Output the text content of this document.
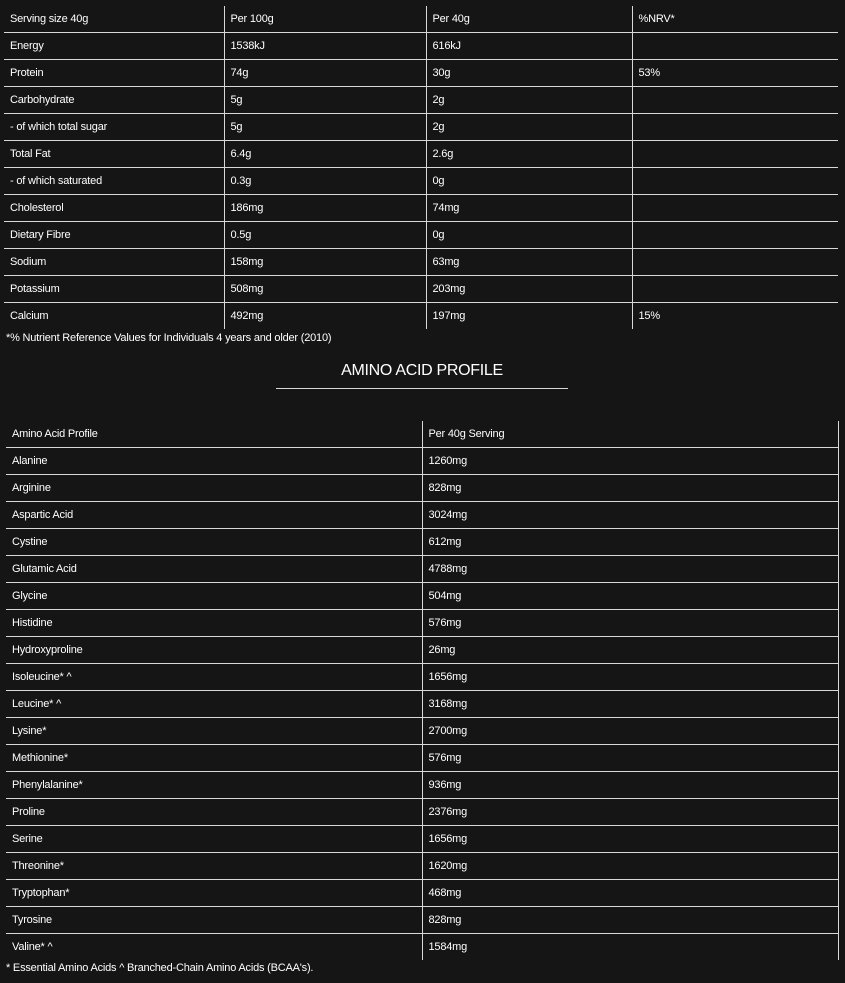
Serving size 40g	Per 100g	Per 40g	%NRV*
Energy	1538kJ	616kJ	
Protein	74g	30g	53%
Carbohydrate	5g	2g	
- of which total sugar	5g	2g	
Total Fat	6.4g	2.6g	
- of which saturated	0.3g	0g	
Cholesterol	186mg	74mg	
Dietary Fibre	0.5g	0g	
Sodium	158mg	63mg	
Potassium	508mg	203mg	
Calcium	492mg	197mg	15%
*% Nutrient Reference Values for Individuals 4 years and older (2010)
AMINO ACID PROFILE
Amino Acid Profile	Per 40g Serving
Alanine	1260mg
Arginine	828mg
Aspartic Acid	3024mg
Cystine	612mg
Glutamic Acid	4788mg
Glycine	504mg
Histidine	576mg
Hydroxyproline	26mg
Isoleucine* ^	1656mg
Leucine* ^	3168mg
Lysine*	2700mg
Methionine*	576mg
Phenylalanine*	936mg
Proline	2376mg
Serine	1656mg
Threonine*	1620mg
Tryptophan*	468mg
Tyrosine	828mg
Valine* ^	1584mg
* Essential Amino Acids ^ Branched-Chain Amino Acids (BCAA's).
